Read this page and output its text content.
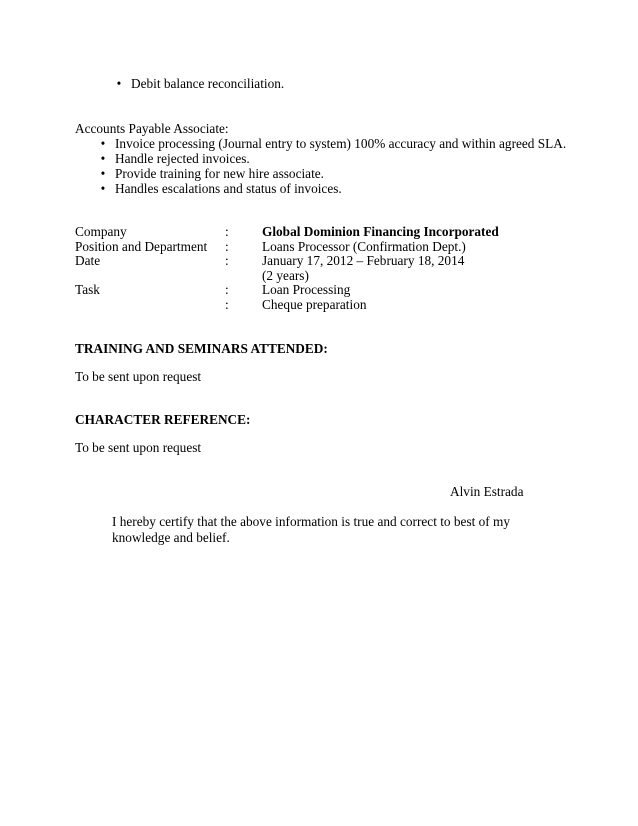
• Debit balance reconciliation.
Accounts Payable Associate:
• Invoice processing (Journal entry to system) 100% accuracy and within agreed SLA.
• Handle rejected invoices.
• Provide training for new hire associate.
• Handles escalations and status of invoices.
Company	:	Global Dominion Financing Incorporated
Position and Department :	Loans Processor (Confirmation Dept.)
Date	:	January 17, 2012 – February 18, 2014
(2 years)
Task	:	Loan Processing
:	Cheque preparation
TRAINING AND SEMINARS ATTENDED:
To be sent upon request
CHARACTER REFERENCE:
To be sent upon request
Alvin Estrada
I hereby certify that the above information is true and correct to best of my knowledge and belief.
